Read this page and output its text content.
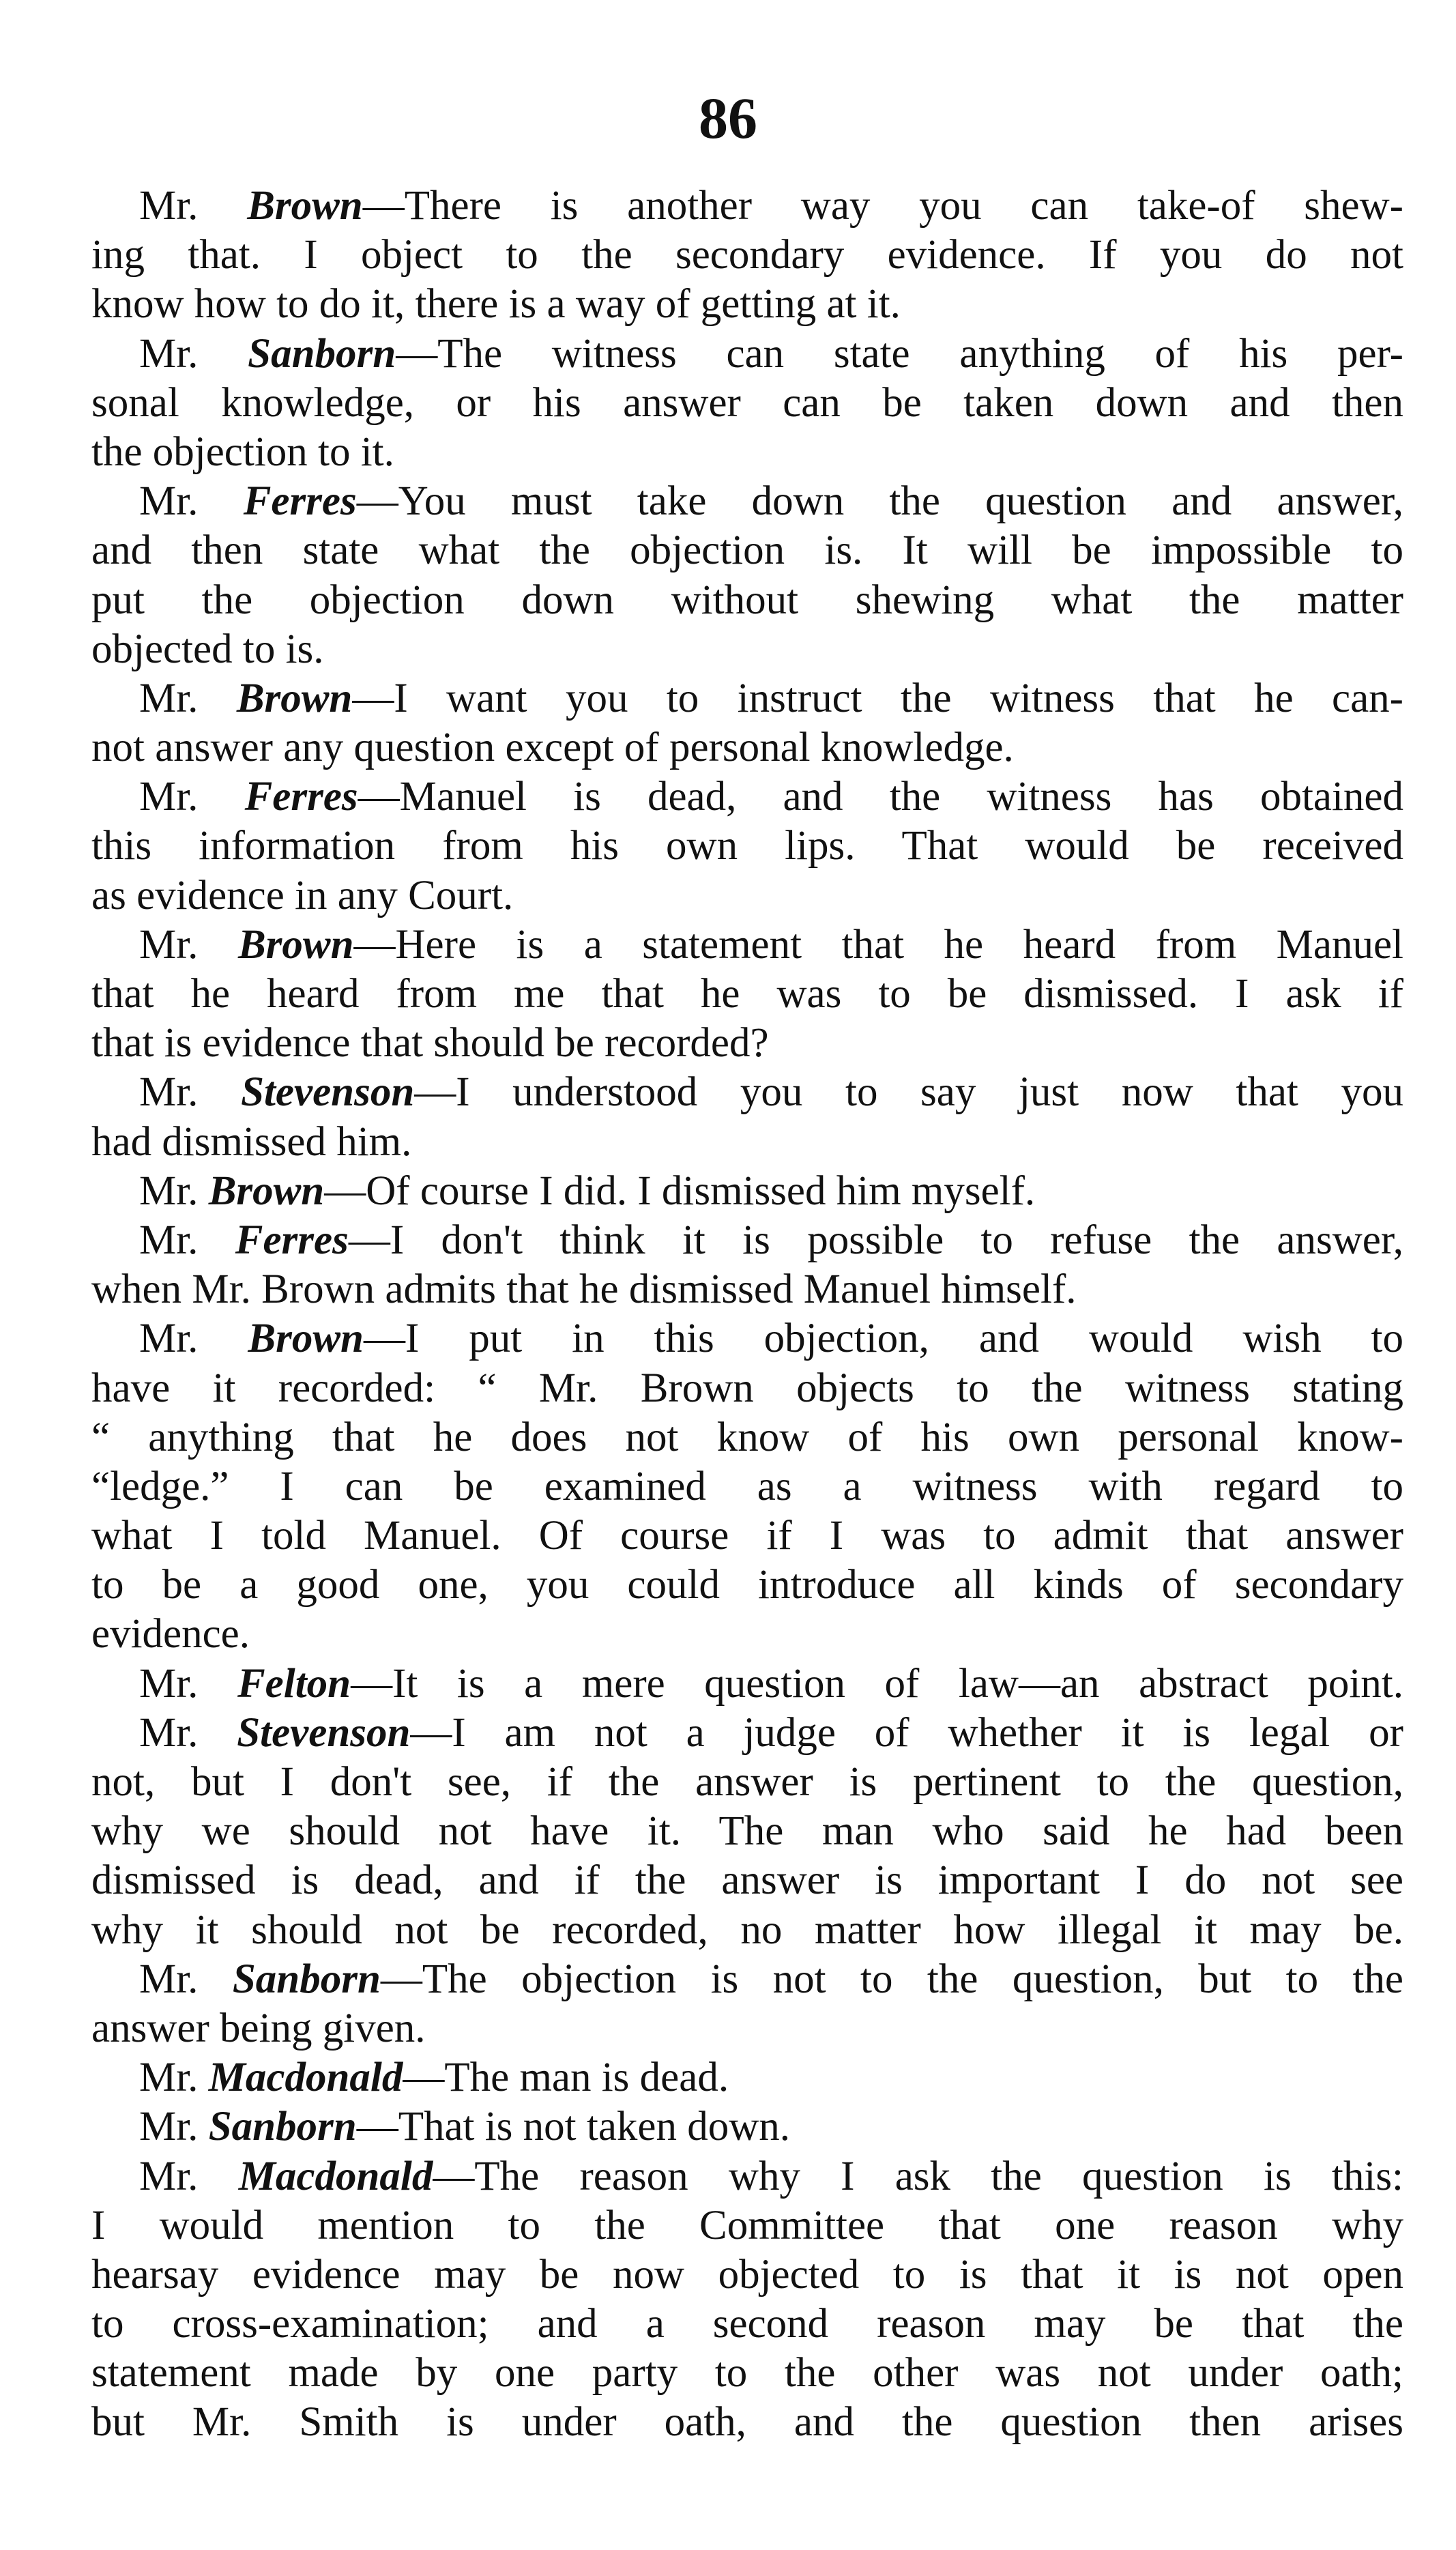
86
Mr. Brown—There is another way you can take-of shew-
ing that. I object to the secondary evidence. If you do not
know how to do it, there is a way of getting at it.
Mr. Sanborn—The witness can state anything of his per-
sonal knowledge, or his answer can be taken down and then
the objection to it.
Mr. Ferres—You must take down the question and answer,
and then state what the objection is. It will be impossible to
put the objection down without shewing what the matter
objected to is.
Mr. Brown—I want you to instruct the witness that he can-
not answer any question except of personal knowledge.
Mr. Ferres—Manuel is dead, and the witness has obtained
this information from his own lips. That would be received
as evidence in any Court.
Mr. Brown—Here is a statement that he heard from Manuel
that he heard from me that he was to be dismissed. I ask if
that is evidence that should be recorded?
Mr. Stevenson—I understood you to say just now that you
had dismissed him.
Mr. Brown—Of course I did. I dismissed him myself.
Mr. Ferres—I don't think it is possible to refuse the answer,
when Mr. Brown admits that he dismissed Manuel himself.
Mr. Brown—I put in this objection, and would wish to
have it recorded: “ Mr. Brown objects to the witness stating
“ anything that he does not know of his own personal know-
“ledge.” I can be examined as a witness with regard to
what I told Manuel. Of course if I was to admit that answer
to be a good one, you could introduce all kinds of secondary
evidence.
Mr. Felton—It is a mere question of law—an abstract point.
Mr. Stevenson—I am not a judge of whether it is legal or
not, but I don't see, if the answer is pertinent to the question,
why we should not have it. The man who said he had been
dismissed is dead, and if the answer is important I do not see
why it should not be recorded, no matter how illegal it may be.
Mr. Sanborn—The objection is not to the question, but to the
answer being given.
Mr. Macdonald—The man is dead.
Mr. Sanborn—That is not taken down.
Mr. Macdonald—The reason why I ask the question is this:
I would mention to the Committee that one reason why
hearsay evidence may be now objected to is that it is not open
to cross-examination; and a second reason may be that the
statement made by one party to the other was not under oath;
but Mr. Smith is under oath, and the question then arises
